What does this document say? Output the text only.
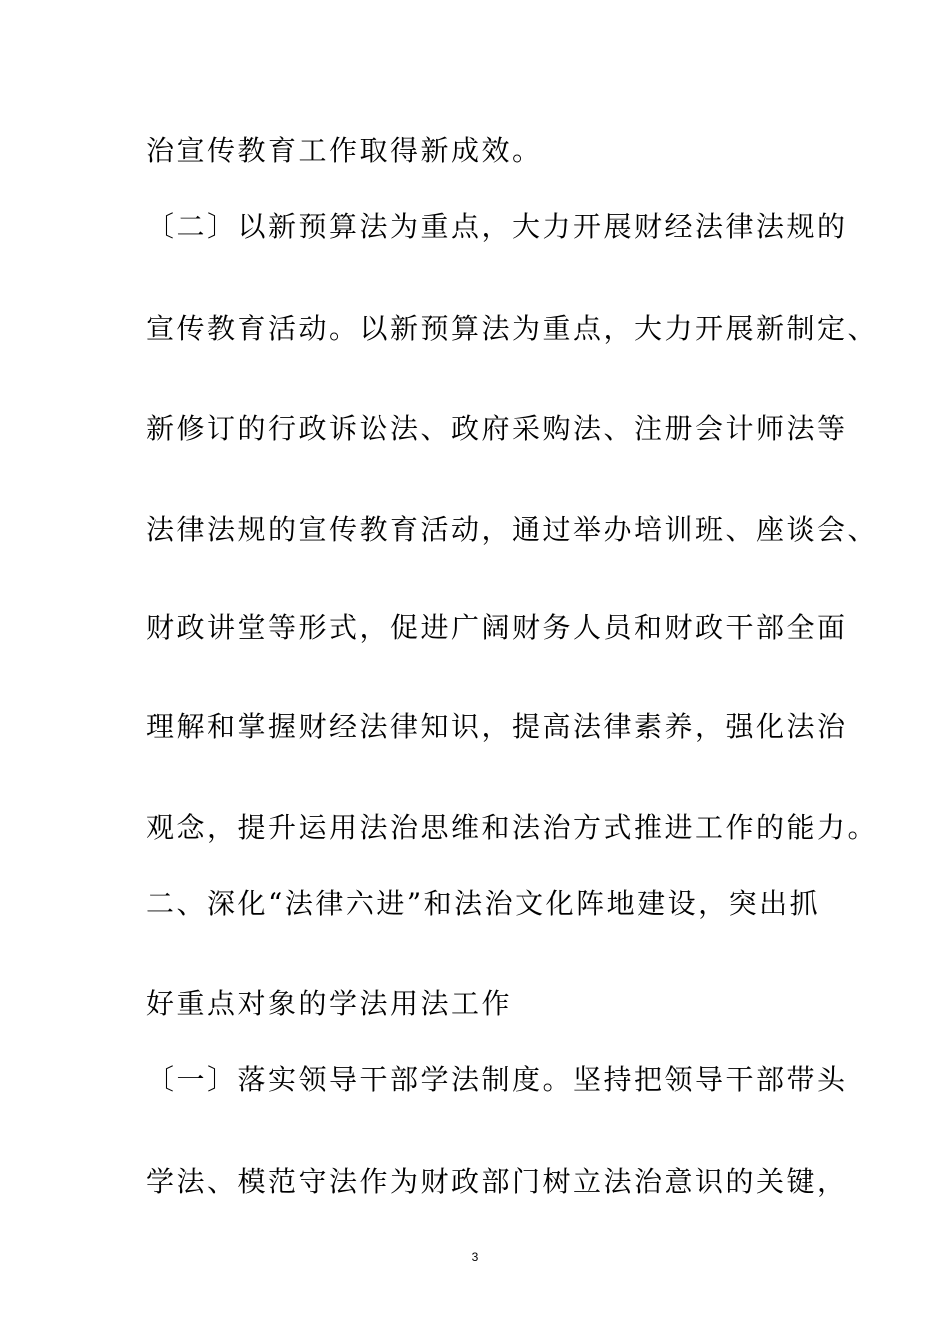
治宣传教育工作取得新成效。

〔二〕以新预算法为重点，大力开展财经法律法规的

宣传教育活动。以新预算法为重点，大力开展新制定、

新修订的行政诉讼法、政府采购法、注册会计师法等

法律法规的宣传教育活动，通过举办培训班、座谈会、

财政讲堂等形式，促进广阔财务人员和财政干部全面

理解和掌握财经法律知识，提高法律素养，强化法治

观念，提升运用法治思维和法治方式推进工作的能力。

二、深化“法律六进”和法治文化阵地建设，突出抓

好重点对象的学法用法工作

〔一〕落实领导干部学法制度。坚持把领导干部带头

学法、模范守法作为财政部门树立法治意识的关键，

3
